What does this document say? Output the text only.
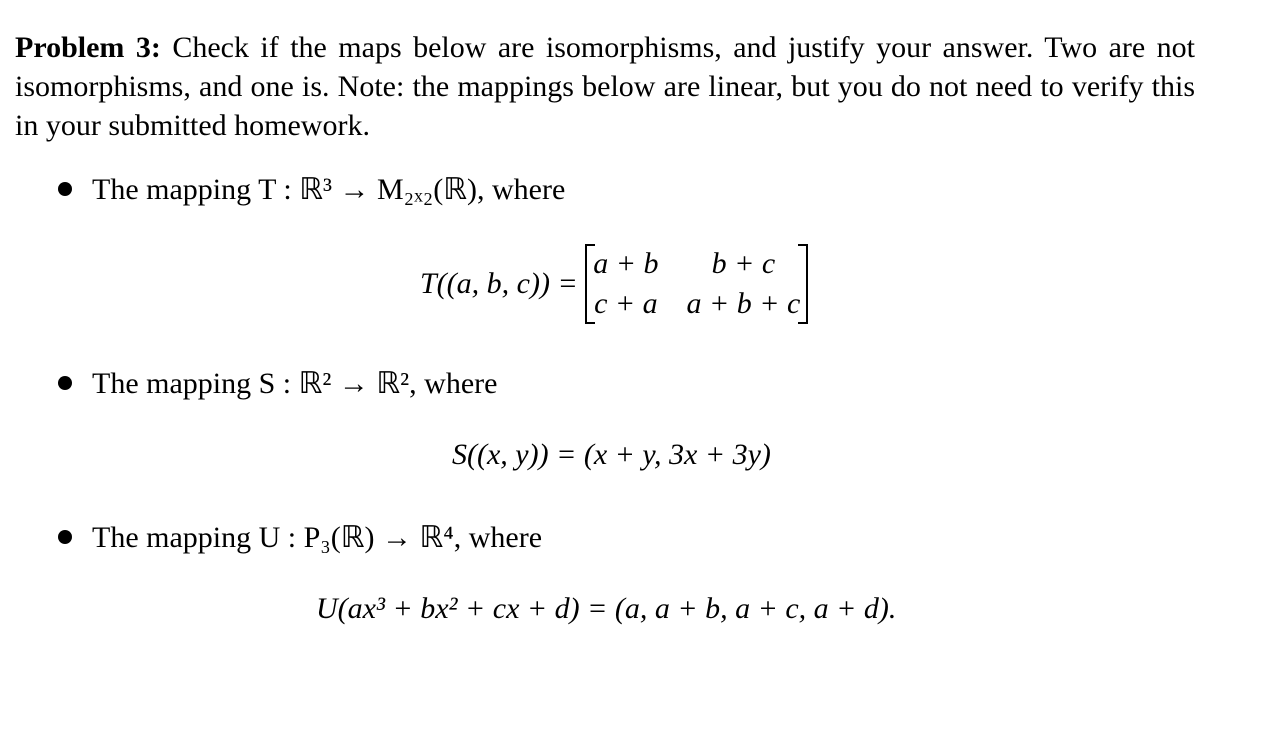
Problem 3: Check if the maps below are isomorphisms, and justify your answer. Two are not isomorphisms, and one is. Note: the mappings below are linear, but you do not need to verify this in your submitted homework.
The mapping T : ℝ³ → M₂ₓ₂(ℝ), where
T((a, b, c)) =
a + b	b + c
c + a a + b + c
The mapping S : ℝ² → ℝ², where
S((x, y)) = (x + y, 3x + 3y)
The mapping U : P₃(ℝ) → ℝ⁴, where
U(ax³ + bx² + cx + d) = (a, a + b, a + c, a + d).
